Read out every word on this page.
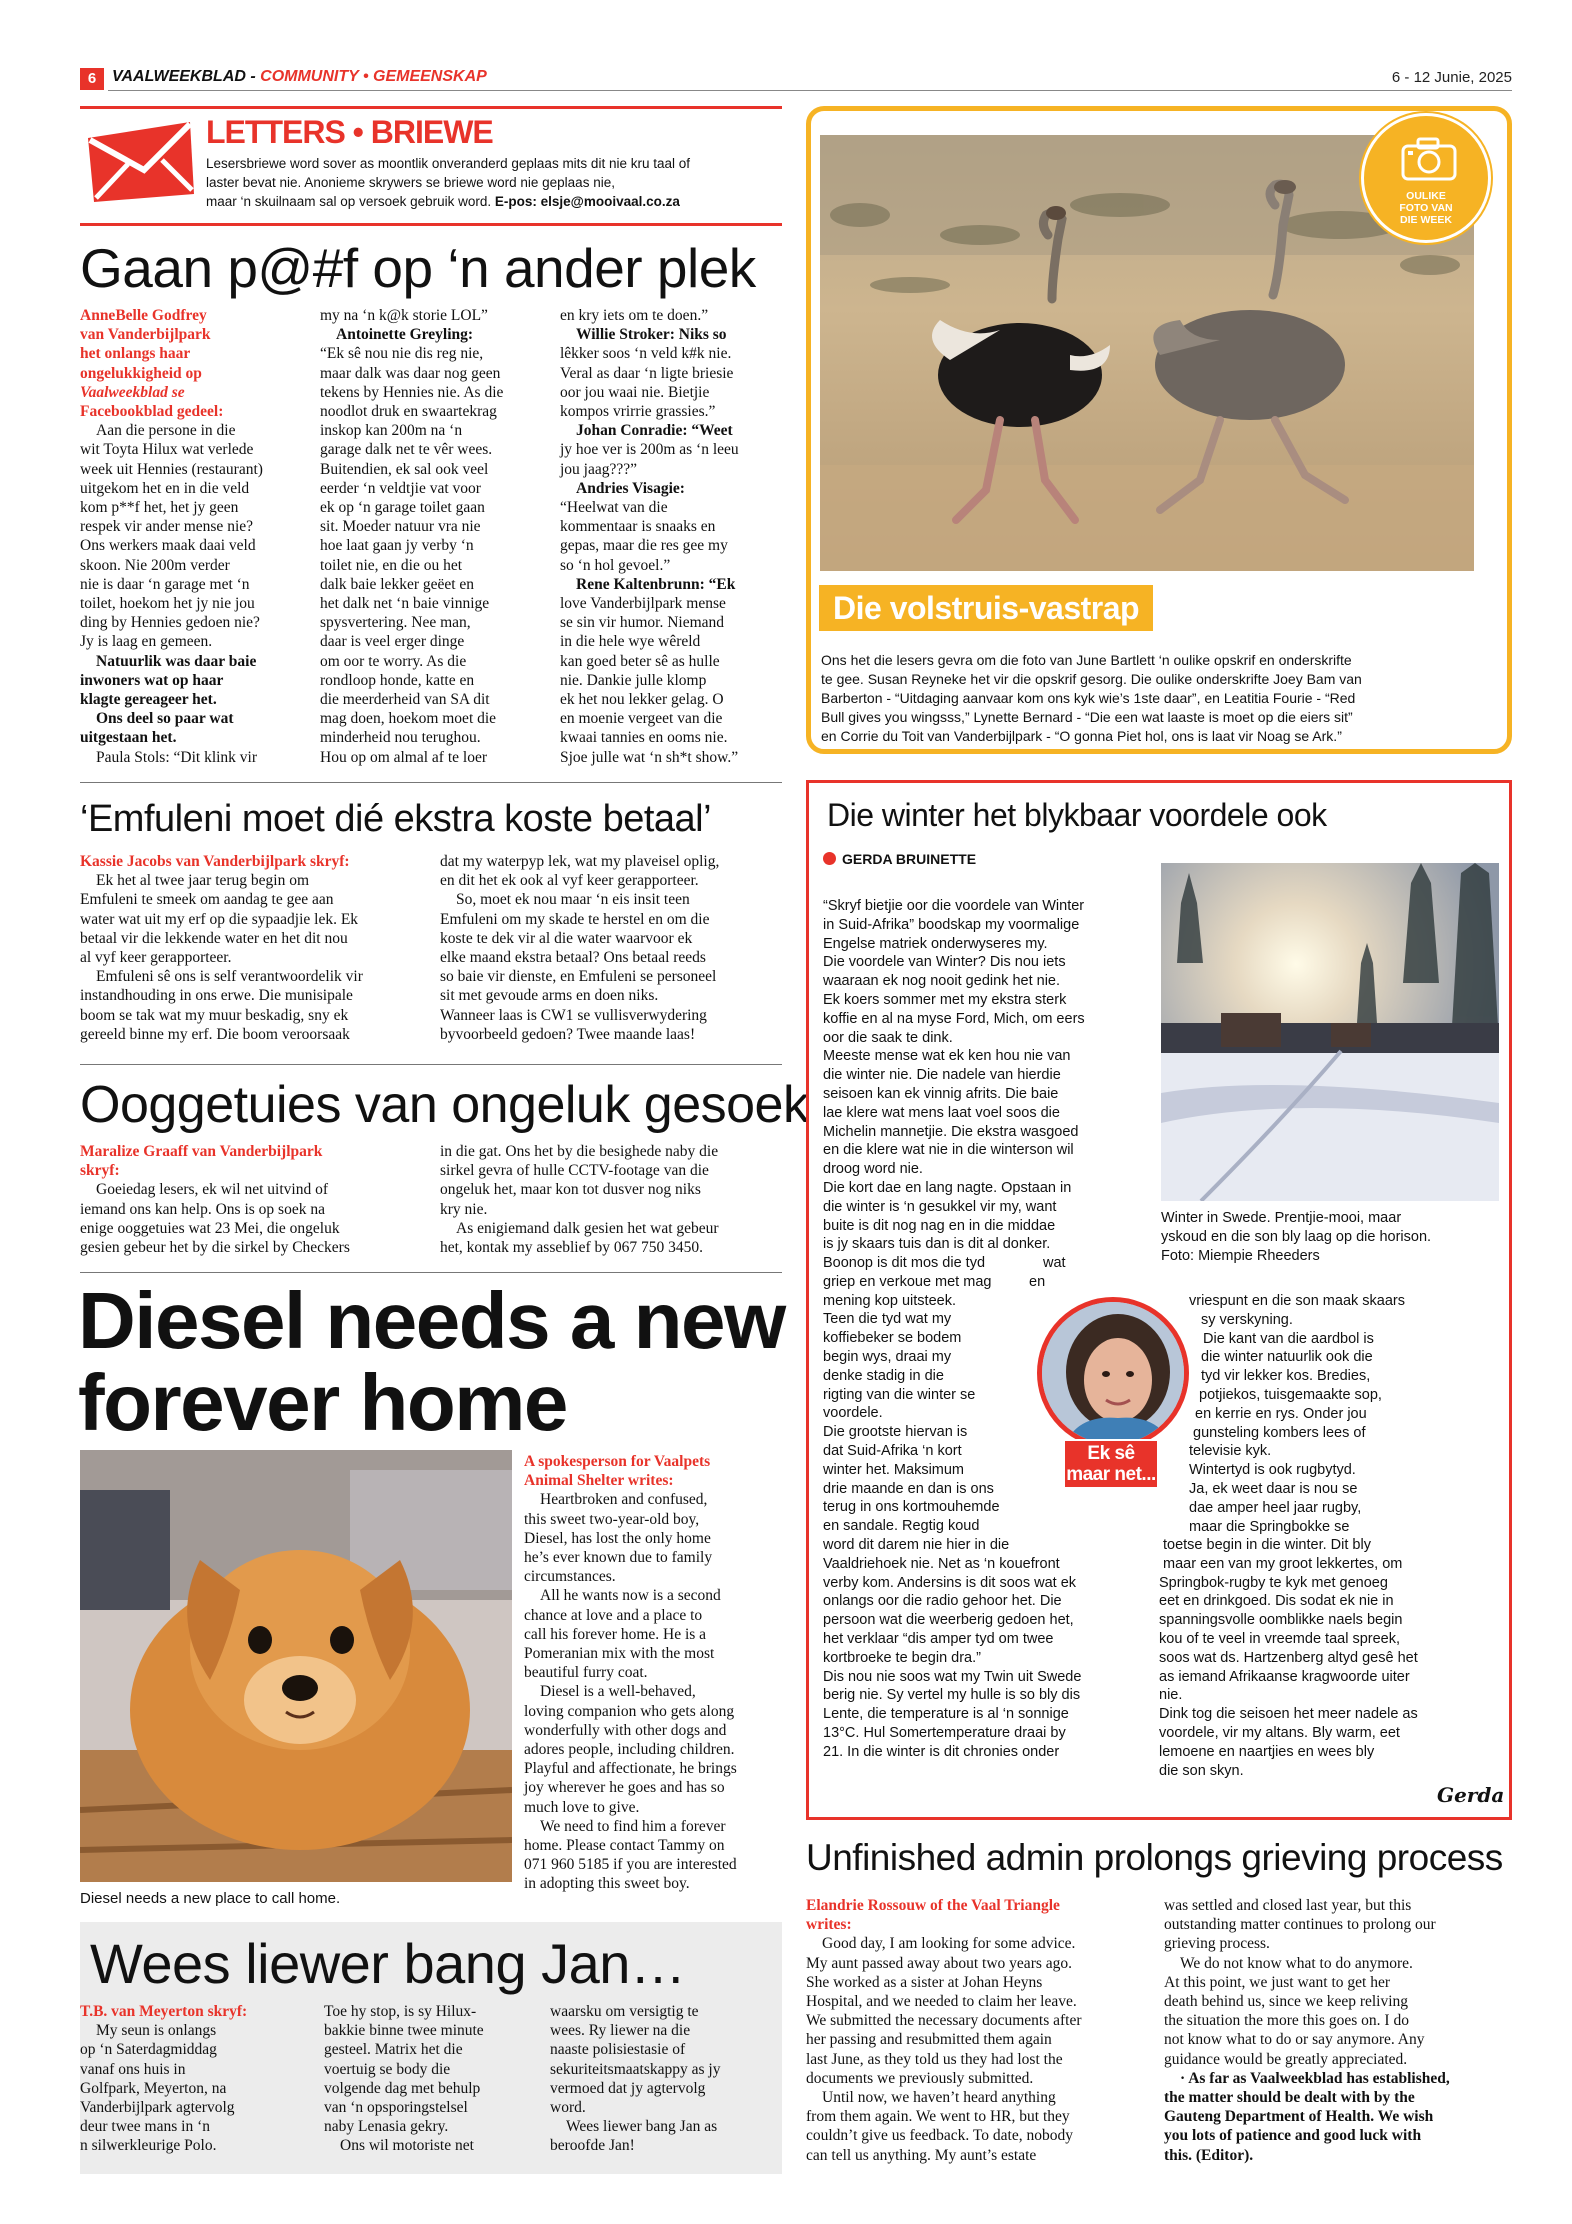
6 VAALWEEKBLAD - COMMUNITY • GEMEENSKAP	6 - 12 Junie, 2025
LETTERS • BRIEWE
Lesersbriewe word sover as moontlik onveranderd geplaas mits dit nie kru taal of
laster bevat nie. Anonieme skrywers se briewe word nie geplaas nie,
maar ‘n skuilnaam sal op versoek gebruik word. E-pos: elsje@mooivaal.co.za
Gaan p@#f op ‘n ander plek
AnneBelle Godfrey
van Vanderbijlpark
het onlangs haar
ongelukkigheid op
Vaalweekblad se
Facebookblad gedeel:
Aan die persone in die
wit Toyta Hilux wat verlede
week uit Hennies (restaurant)
uitgekom het en in die veld
kom p**f het, het jy geen
respek vir ander mense nie?
Ons werkers maak daai veld
skoon. Nie 200m verder
nie is daar ‘n garage met ‘n
toilet, hoekom het jy nie jou
ding by Hennies gedoen nie?
Jy is laag en gemeen.
Natuurlik was daar baie
inwoners wat op haar
klagte gereageer het.
Ons deel so paar wat
uitgestaan het.
Paula Stols: “Dit klink vir
my na ‘n k@k storie LOL”
Antoinette Greyling:
“Ek sê nou nie dis reg nie,
maar dalk was daar nog geen
tekens by Hennies nie. As die
noodlot druk en swaartekrag
inskop kan 200m na ‘n
garage dalk net te vêr wees.
Buitendien, ek sal ook veel
eerder ‘n veldtjie vat voor
ek op ‘n garage toilet gaan
sit. Moeder natuur vra nie
hoe laat gaan jy verby ‘n
toilet nie, en die ou het
dalk baie lekker geëet en
het dalk net ‘n baie vinnige
spysvertering. Nee man,
daar is veel erger dinge
om oor te worry. As die
rondloop honde, katte en
die meerderheid van SA dit
mag doen, hoekom moet die
minderheid nou terughou.
Hou op om almal af te loer
en kry iets om te doen.”
Willie Stroker: Niks so
lêkker soos ‘n veld k#k nie.
Veral as daar ‘n ligte briesie
oor jou waai nie. Bietjie
kompos vrirrie grassies.”
Johan Conradie: “Weet
jy hoe ver is 200m as ‘n leeu
jou jaag???”
Andries Visagie:
“Heelwat van die
kommentaar is snaaks en
gepas, maar die res gee my
so ‘n hol gevoel.”
Rene Kaltenbrunn: “Ek
love Vanderbijlpark mense
se sin vir humor. Niemand
in die hele wye wêreld
kan goed beter sê as hulle
nie. Dankie julle klomp
ek het nou lekker gelag. O
en moenie vergeet van die
kwaai tannies en ooms nie.
Sjoe julle wat ‘n sh*t show.”
OULIKE
FOTO VAN
DIE WEEK
Die volstruis-vastrap
Ons het die lesers gevra om die foto van June Bartlett ‘n oulike opskrif en onderskrifte
te gee. Susan Reyneke het vir die opskrif gesorg. Die oulike onderskrifte Joey Bam van
Barberton - “Uitdaging aanvaar kom ons kyk wie’s 1ste daar”, en Leatitia Fourie - “Red
Bull gives you wingsss,” Lynette Bernard - “Die een wat laaste is moet op die eiers sit”
en Corrie du Toit van Vanderbijlpark - “O gonna Piet hol, ons is laat vir Noag se Ark.”
‘Emfuleni moet dié ekstra koste betaal’
Kassie Jacobs van Vanderbijlpark skryf:
Ek het al twee jaar terug begin om
Emfuleni te smeek om aandag te gee aan
water wat uit my erf op die sypaadjie lek. Ek
betaal vir die lekkende water en het dit nou
al vyf keer gerapporteer.
Emfuleni sê ons is self verantwoordelik vir
instandhouding in ons erwe. Die munisipale
boom se tak wat my muur beskadig, sny ek
gereeld binne my erf. Die boom veroorsaak
dat my waterpyp lek, wat my plaveisel oplig,
en dit het ek ook al vyf keer gerapporteer.
So, moet ek nou maar ‘n eis insit teen
Emfuleni om my skade te herstel en om die
koste te dek vir al die water waarvoor ek
elke maand ekstra betaal? Ons betaal reeds
so baie vir dienste, en Emfuleni se personeel
sit met gevoude arms en doen niks.
Wanneer laas is CW1 se vullisverwydering
byvoorbeeld gedoen? Twee maande laas!
Ooggetuies van ongeluk gesoek
Maralize Graaff van Vanderbijlpark
skryf:
Goeiedag lesers, ek wil net uitvind of
iemand ons kan help. Ons is op soek na
enige ooggetuies wat 23 Mei, die ongeluk
gesien gebeur het by die sirkel by Checkers
in die gat. Ons het by die besighede naby die
sirkel gevra of hulle CCTV-footage van die
ongeluk het, maar kon tot dusver nog niks
kry nie.
As enigiemand dalk gesien het wat gebeur
het, kontak my asseblief by 067 750 3450.
Diesel needs a new
forever home
Diesel needs a new place to call home.
A spokesperson for Vaalpets
Animal Shelter writes:
Heartbroken and confused,
this sweet two-year-old boy,
Diesel, has lost the only home
he’s ever known due to family
circumstances.
All he wants now is a second
chance at love and a place to
call his forever home. He is a
Pomeranian mix with the most
beautiful furry coat.
Diesel is a well-behaved,
loving companion who gets along
wonderfully with other dogs and
adores people, including children.
Playful and affectionate, he brings
joy wherever he goes and has so
much love to give.
We need to find him a forever
home. Please contact Tammy on
071 960 5185 if you are interested
in adopting this sweet boy.
Wees liewer bang Jan…
T.B. van Meyerton skryf:
My seun is onlangs
op ‘n Saterdagmiddag
vanaf ons huis in
Golfpark, Meyerton, na
Vanderbijlpark agtervolg
deur twee mans in ‘n
n silwerkleurige Polo.
Toe hy stop, is sy Hilux-
bakkie binne twee minute
gesteel. Matrix het die
voertuig se body die
volgende dag met behulp
van ‘n opsporingstelsel
naby Lenasia gekry.
Ons wil motoriste net
waarsku om versigtig te
wees. Ry liewer na die
naaste polisiestasie of
sekuriteitsmaatskappy as jy
vermoed dat jy agtervolg
word.
Wees liewer bang Jan as
beroofde Jan!
Die winter het blykbaar voordele ook
GERDA BRUINETTE
Winter in Swede. Prentjie-mooi, maar
yskoud en die son bly laag op die horison.
Foto: Miempie Rheeders
“Skryf bietjie oor die voordele van Winter
in Suid-Afrika” boodskap my voormalige
Engelse matriek onderwyseres my.
Die voordele van Winter? Dis nou iets
waaraan ek nog nooit gedink het nie.
Ek koers sommer met my ekstra sterk
koffie en al na myse Ford, Mich, om eers
oor die saak te dink.
Meeste mense wat ek ken hou nie van
die winter nie. Die nadele van hierdie
seisoen kan ek vinnig afrits. Die baie
lae klere wat mens laat voel soos die
Michelin mannetjie. Die ekstra wasgoed
en die klere wat nie in die winterson wil
droog word nie.
Die kort dae en lang nagte. Opstaan in
die winter is ‘n gesukkel vir my, want
buite is dit nog nag en in die middae
is jy skaars tuis dan is dit al donker.
Boonop is dit mos die tyd
griep en verkoue met mag
mening kop uitsteek.
Teen die tyd wat my
koffiebeker se bodem
begin wys, draai my
denke stadig in die
rigting van die winter se
voordele.
Die grootste hiervan is
dat Suid-Afrika ‘n kort
winter het. Maksimum
drie maande en dan is ons
terug in ons kortmouhemde
en sandale. Regtig koud
word dit darem nie hier in die
Vaaldriehoek nie. Net as ‘n kouefront
verby kom. Andersins is dit soos wat ek
onlangs oor die radio gehoor het. Die
persoon wat die weerberig gedoen het,
het verklaar “dis amper tyd om twee
kortbroeke te begin dra.”
Dis nou nie soos wat my Twin uit Swede
berig nie. Sy vertel my hulle is so bly dis
Lente, die temperature is al ‘n sonnige
13°C. Hul Somertemperature draai by
21. In die winter is dit chronies onder
wat
en
Ek sê
maar net...
vriespunt en die son maak skaars
sy verskyning.
Die kant van die aardbol is
die winter natuurlik ook die
tyd vir lekker kos. Bredies,
potjiekos, tuisgemaakte sop,
en kerrie en rys. Onder jou
gunsteling kombers lees of
televisie kyk.
Wintertyd is ook rugbytyd.
Ja, ek weet daar is nou se
dae amper heel jaar rugby,
maar die Springbokke se
toetse begin in die winter. Dit bly
maar een van my groot lekkertes, om
Springbok-rugby te kyk met genoeg
eet en drinkgoed. Dis sodat ek nie in
spanningsvolle oomblikke naels begin
kou of te veel in vreemde taal spreek,
soos wat ds. Hartzenberg altyd gesê het
as iemand Afrikaanse kragwoorde uiter
nie.
Dink tog die seisoen het meer nadele as
voordele, vir my altans. Bly warm, eet
lemoene en naartjies en wees bly
die son skyn.
Gerda
Unfinished admin prolongs grieving process
Elandrie Rossouw of the Vaal Triangle
writes:
Good day, I am looking for some advice.
My aunt passed away about two years ago.
She worked as a sister at Johan Heyns
Hospital, and we needed to claim her leave.
We submitted the necessary documents after
her passing and resubmitted them again
last June, as they told us they had lost the
documents we previously submitted.
Until now, we haven’t heard anything
from them again. We went to HR, but they
couldn’t give us feedback. To date, nobody
can tell us anything. My aunt’s estate
was settled and closed last year, but this
outstanding matter continues to prolong our
grieving process.
We do not know what to do anymore.
At this point, we just want to get her
death behind us, since we keep reliving
the situation the more this goes on. I do
not know what to do or say anymore. Any
guidance would be greatly appreciated.
· As far as Vaalweekblad has established,
the matter should be dealt with by the
Gauteng Department of Health. We wish
you lots of patience and good luck with
this. (Editor).
